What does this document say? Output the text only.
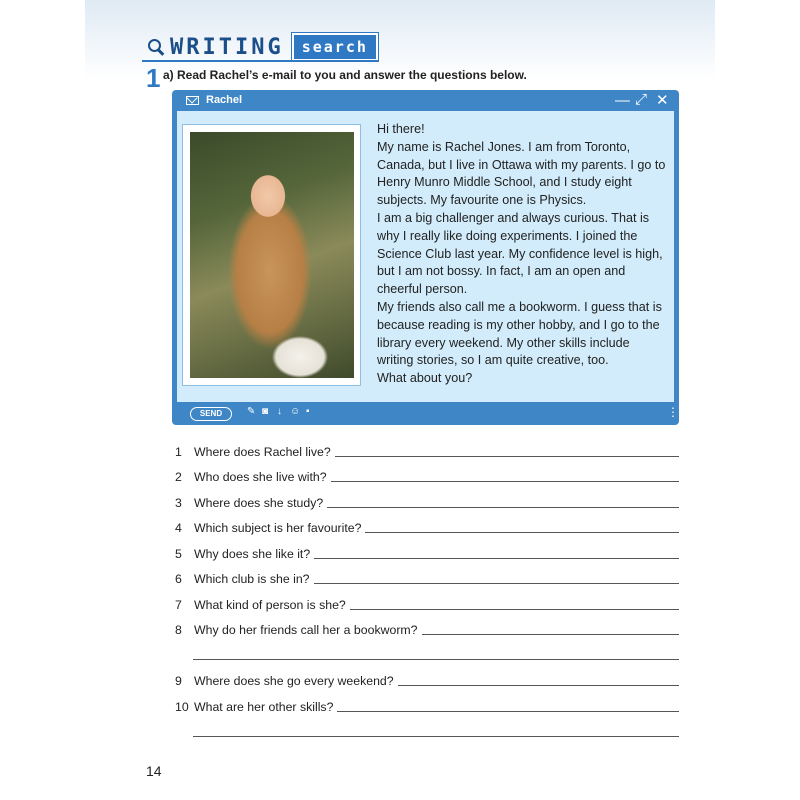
WRITING	search
1 a) Read Rachel’s e-mail to you and answer the questions below.
Rachel	— ⤢ ✕

Hi there!

My name is Rachel Jones. I am from Toronto, Canada, but I live in Ottawa with my parents. I go to Henry Munro Middle School, and I study eight subjects. My favourite one is Physics.

I am a big challenger and always curious. That is why I really like doing experiments. I joined the Science Club last year. My confidence level is high, but I am not bossy. In fact, I am an open and cheerful person.

My friends also call me a bookworm. I guess that is because reading is my other hobby, and I go to the library every weekend. My other skills include writing stories, so I am quite creative, too.

What about you?

SEND	✎ ◙ ↓ ☺ ▪	⋮
1 Where does Rachel live?
2 Who does she live with?
3 Where does she study?
4 Which subject is her favourite?
5 Why does she like it?
6 Which club is she in?
7 What kind of person is she?
8 Why do her friends call her a bookworm?
9 Where does she go every weekend?
10 What are her other skills?
14
